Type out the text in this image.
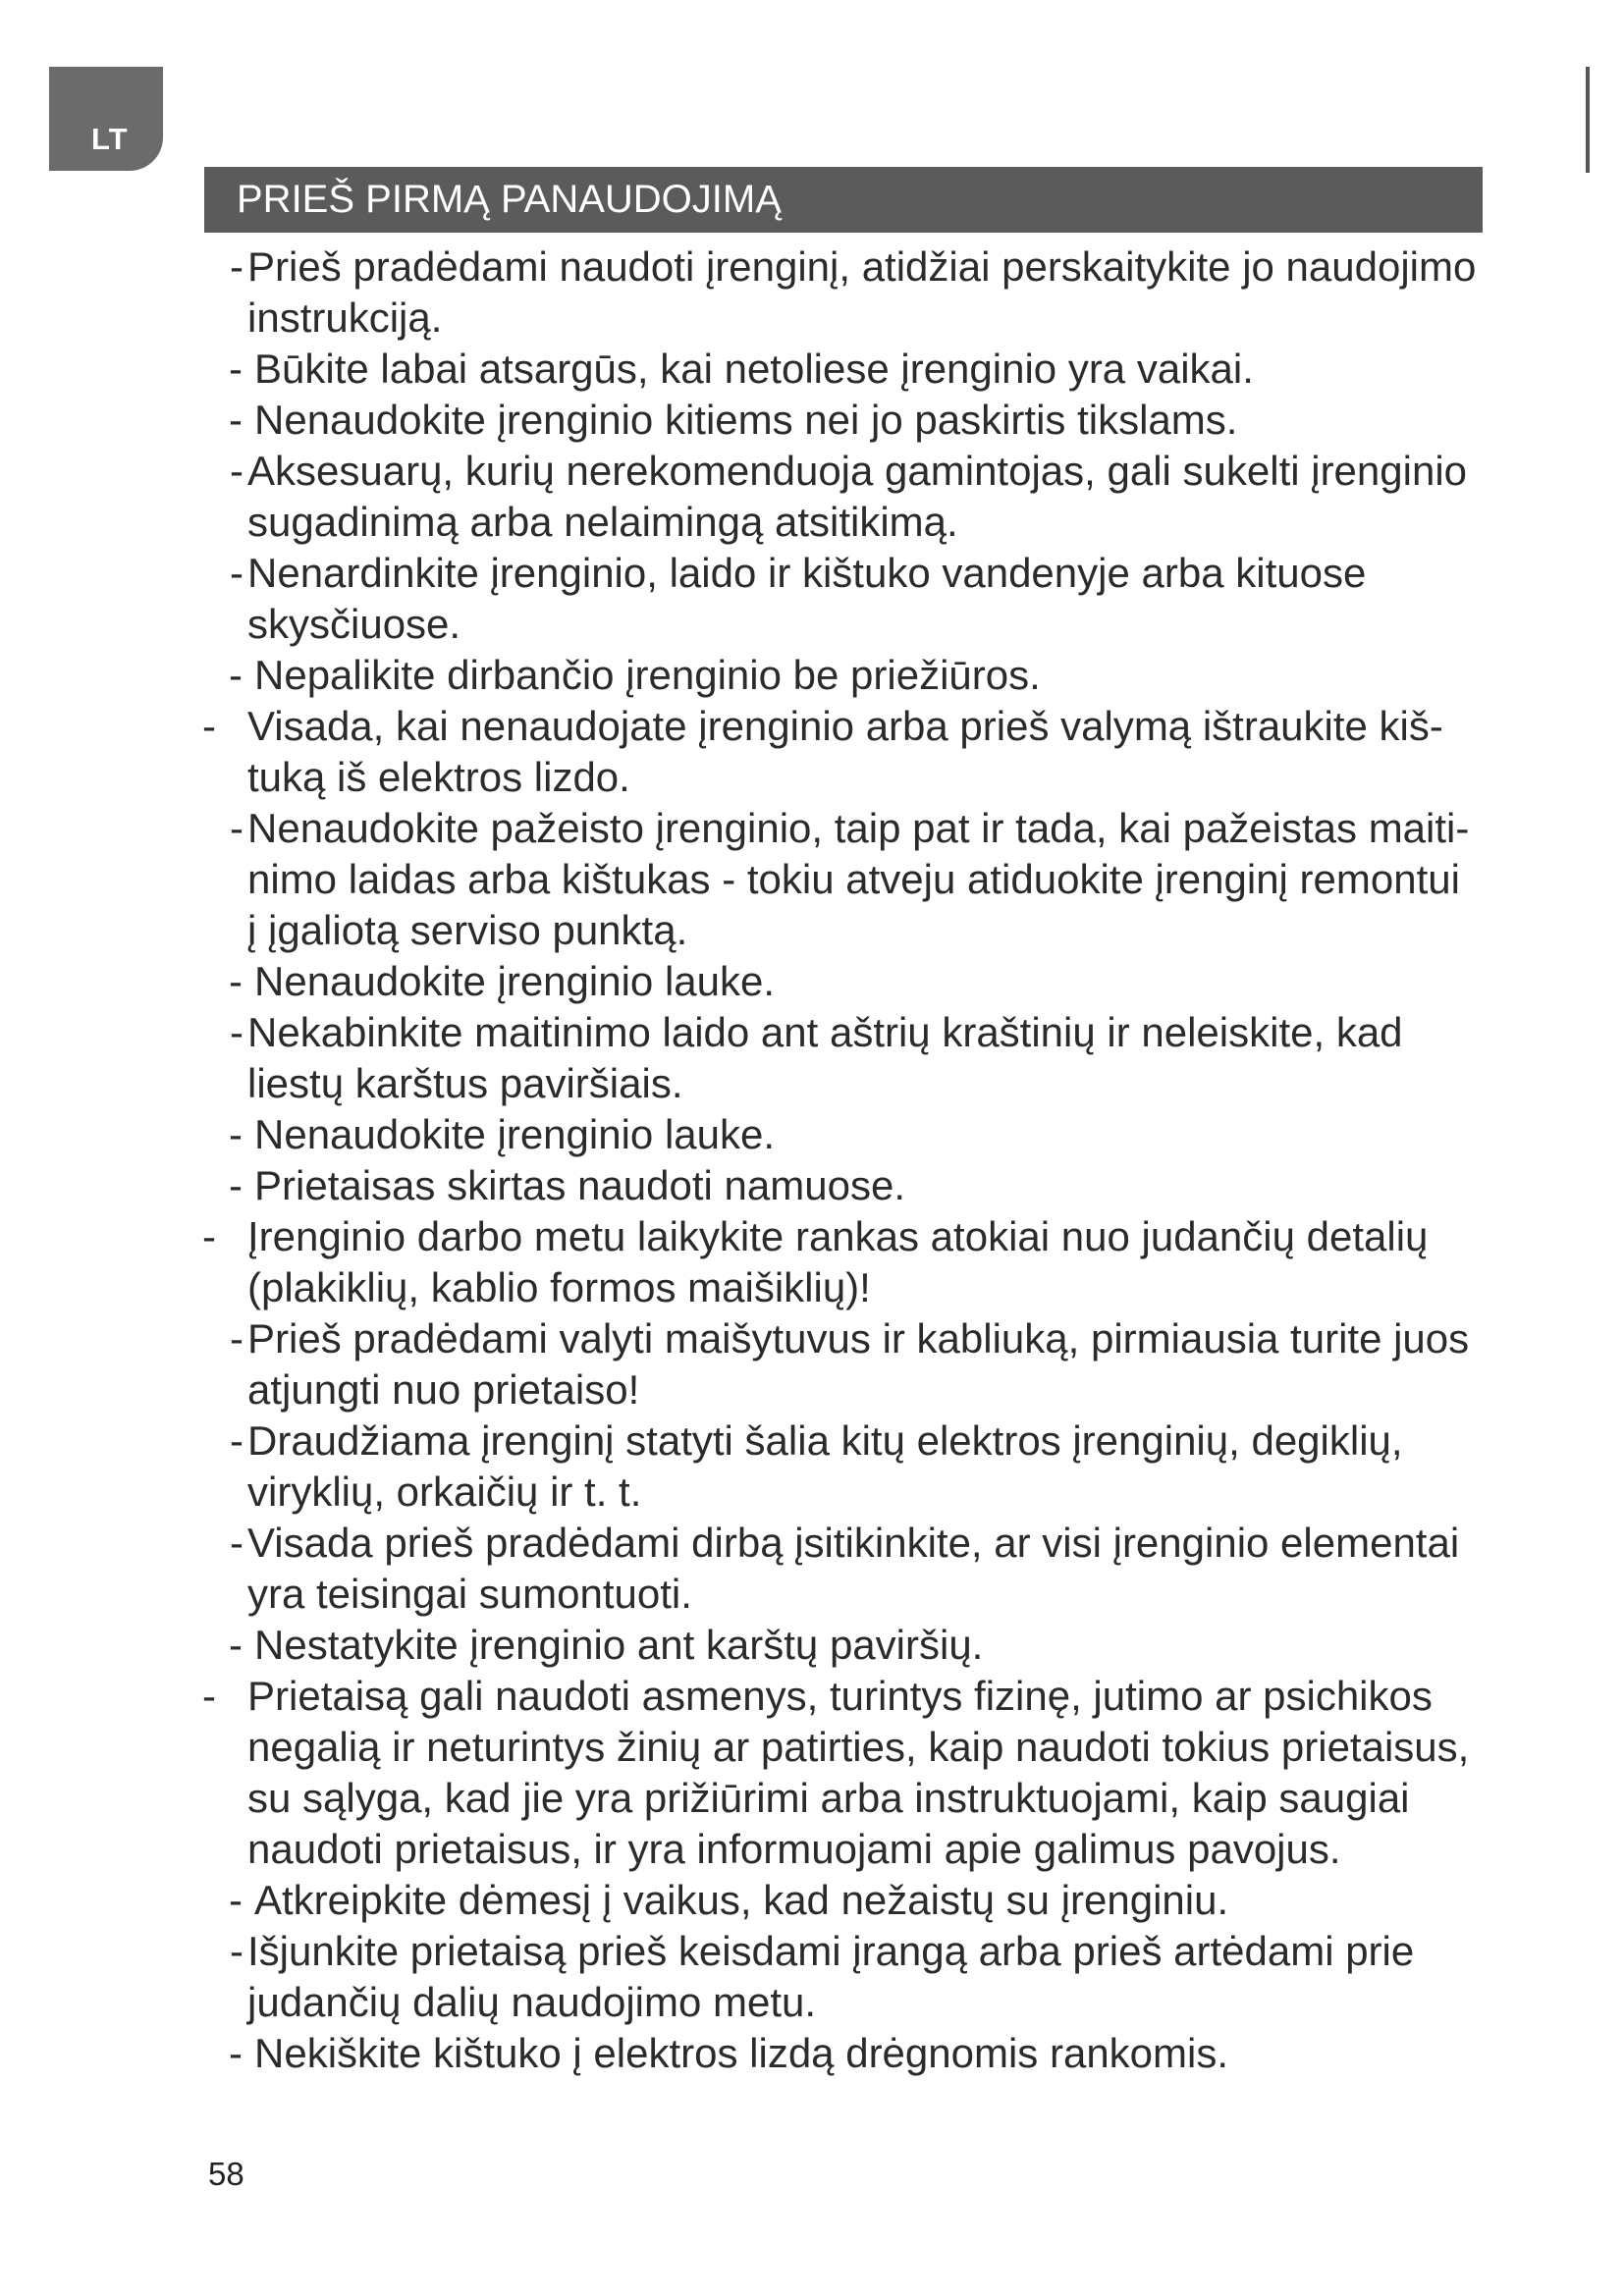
LT
PRIEŠ PIRMĄ PANAUDOJIMĄ
- Prieš pradėdami naudoti įrenginį, atidžiai perskaitykite jo naudojimo
instrukciją.
- Būkite labai atsargūs, kai netoliese įrenginio yra vaikai.
- Nenaudokite įrenginio kitiems nei jo paskirtis tikslams.
- Aksesuarų, kurių nerekomenduoja gamintojas, gali sukelti įrenginio
sugadinimą arba nelaimingą atsitikimą.
- Nenardinkite įrenginio, laido ir kištuko vandenyje arba kituose
skysčiuose.
- Nepalikite dirbančio įrenginio be priežiūros.
- Visada, kai nenaudojate įrenginio arba prieš valymą ištraukite kiš-
tuką iš elektros lizdo.
- Nenaudokite pažeisto įrenginio, taip pat ir tada, kai pažeistas maiti-
nimo laidas arba kištukas - tokiu atveju atiduokite įrenginį remontui
į įgaliotą serviso punktą.
- Nenaudokite įrenginio lauke.
- Nekabinkite maitinimo laido ant aštrių kraštinių ir neleiskite, kad
liestų karštus paviršiais.
- Nenaudokite įrenginio lauke.
- Prietaisas skirtas naudoti namuose.
- Įrenginio darbo metu laikykite rankas atokiai nuo judančių detalių
(plakiklių, kablio formos maišiklių)!
- Prieš pradėdami valyti maišytuvus ir kabliuką, pirmiausia turite juos
atjungti nuo prietaiso!
- Draudžiama įrenginį statyti šalia kitų elektros įrenginių, degiklių,
viryklių, orkaičių ir t. t.
- Visada prieš pradėdami dirbą įsitikinkite, ar visi įrenginio elementai
yra teisingai sumontuoti.
- Nestatykite įrenginio ant karštų paviršių.
- Prietaisą gali naudoti asmenys, turintys fizinę, jutimo ar psichikos
negalią ir neturintys žinių ar patirties, kaip naudoti tokius prietaisus,
su sąlyga, kad jie yra prižiūrimi arba instruktuojami, kaip saugiai
naudoti prietaisus, ir yra informuojami apie galimus pavojus.
- Atkreipkite dėmesį į vaikus, kad nežaistų su įrenginiu.
- Išjunkite prietaisą prieš keisdami įrangą arba prieš artėdami prie
judančių dalių naudojimo metu.
- Nekiškite kištuko į elektros lizdą drėgnomis rankomis.
58
